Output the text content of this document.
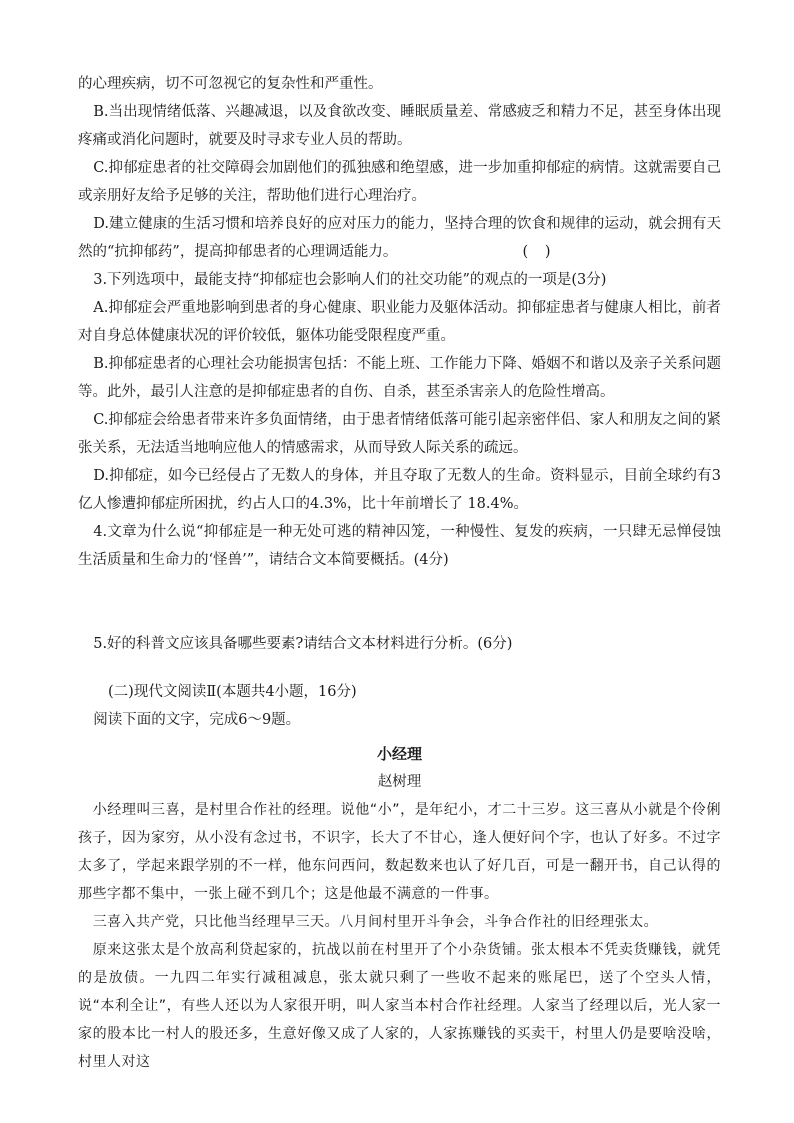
的心理疾病，切不可忽视它的复杂性和严重性。

B.当出现情绪低落、兴趣减退，以及食欲改变、睡眠质量差、常感疲乏和精力不足，甚至身体出现疼痛或消化问题时，就要及时寻求专业人员的帮助。

C.抑郁症患者的社交障碍会加剧他们的孤独感和绝望感，进一步加重抑郁症的病情。这就需要自己或亲朋好友给予足够的关注，帮助他们进行心理治疗。

D.建立健康的生活习惯和培养良好的应对压力的能力，坚持合理的饮食和规律的运动，就会拥有天然的“抗抑郁药”，提高抑郁患者的心理调适能力。	( )

3.下列选项中，最能支持“抑郁症也会影响人们的社交功能”的观点的一项是(3分)

A.抑郁症会严重地影响到患者的身心健康、职业能力及躯体活动。抑郁症患者与健康人相比，前者对自身总体健康状况的评价较低，躯体功能受限程度严重。

B.抑郁症患者的心理社会功能损害包括：不能上班、工作能力下降、婚姻不和谐以及亲子关系问题等。此外，最引人注意的是抑郁症患者的自伤、自杀，甚至杀害亲人的危险性增高。

C.抑郁症会给患者带来许多负面情绪，由于患者情绪低落可能引起亲密伴侣、家人和朋友之间的紧张关系，无法适当地响应他人的情感需求，从而导致人际关系的疏远。

D.抑郁症，如今已经侵占了无数人的身体，并且夺取了无数人的生命。资料显示，目前全球约有3亿人惨遭抑郁症所困扰，约占人口的4.3%，比十年前增长了 18.4%。

4.文章为什么说“抑郁症是一种无处可逃的精神囚笼，一种慢性、复发的疾病，一只肆无忌惮侵蚀生活质量和生命力的‘怪兽’”，请结合文本简要概括。(4分)

5.好的科普文应该具备哪些要素?请结合文本材料进行分析。(6分)

(二)现代文阅读Ⅱ(本题共4小题，16分)

阅读下面的文字，完成6～9题。

小经理

赵树理

小经理叫三喜，是村里合作社的经理。说他“小”，是年纪小，才二十三岁。这三喜从小就是个伶俐孩子，因为家穷，从小没有念过书，不识字，长大了不甘心，逢人便好问个字，也认了好多。不过字太多了，学起来跟学别的不一样，他东问西问，数起数来也认了好几百，可是一翻开书，自己认得的那些字都不集中，一张上碰不到几个；这是他最不满意的一件事。

三喜入共产党，只比他当经理早三天。八月间村里开斗争会，斗争合作社的旧经理张太。

原来这张太是个放高利贷起家的，抗战以前在村里开了个小杂货铺。张太根本不凭卖货赚钱，就凭的是放债。一九四二年实行减租减息，张太就只剩了一些收不起来的账尾巴，送了个空头人情，说“本利全让”，有些人还以为人家很开明，叫人家当本村合作社经理。人家当了经理以后，光人家一家的股本比一村人的股还多，生意好像又成了人家的，人家拣赚钱的买卖干，村里人仍是要啥没啥，村里人对这
